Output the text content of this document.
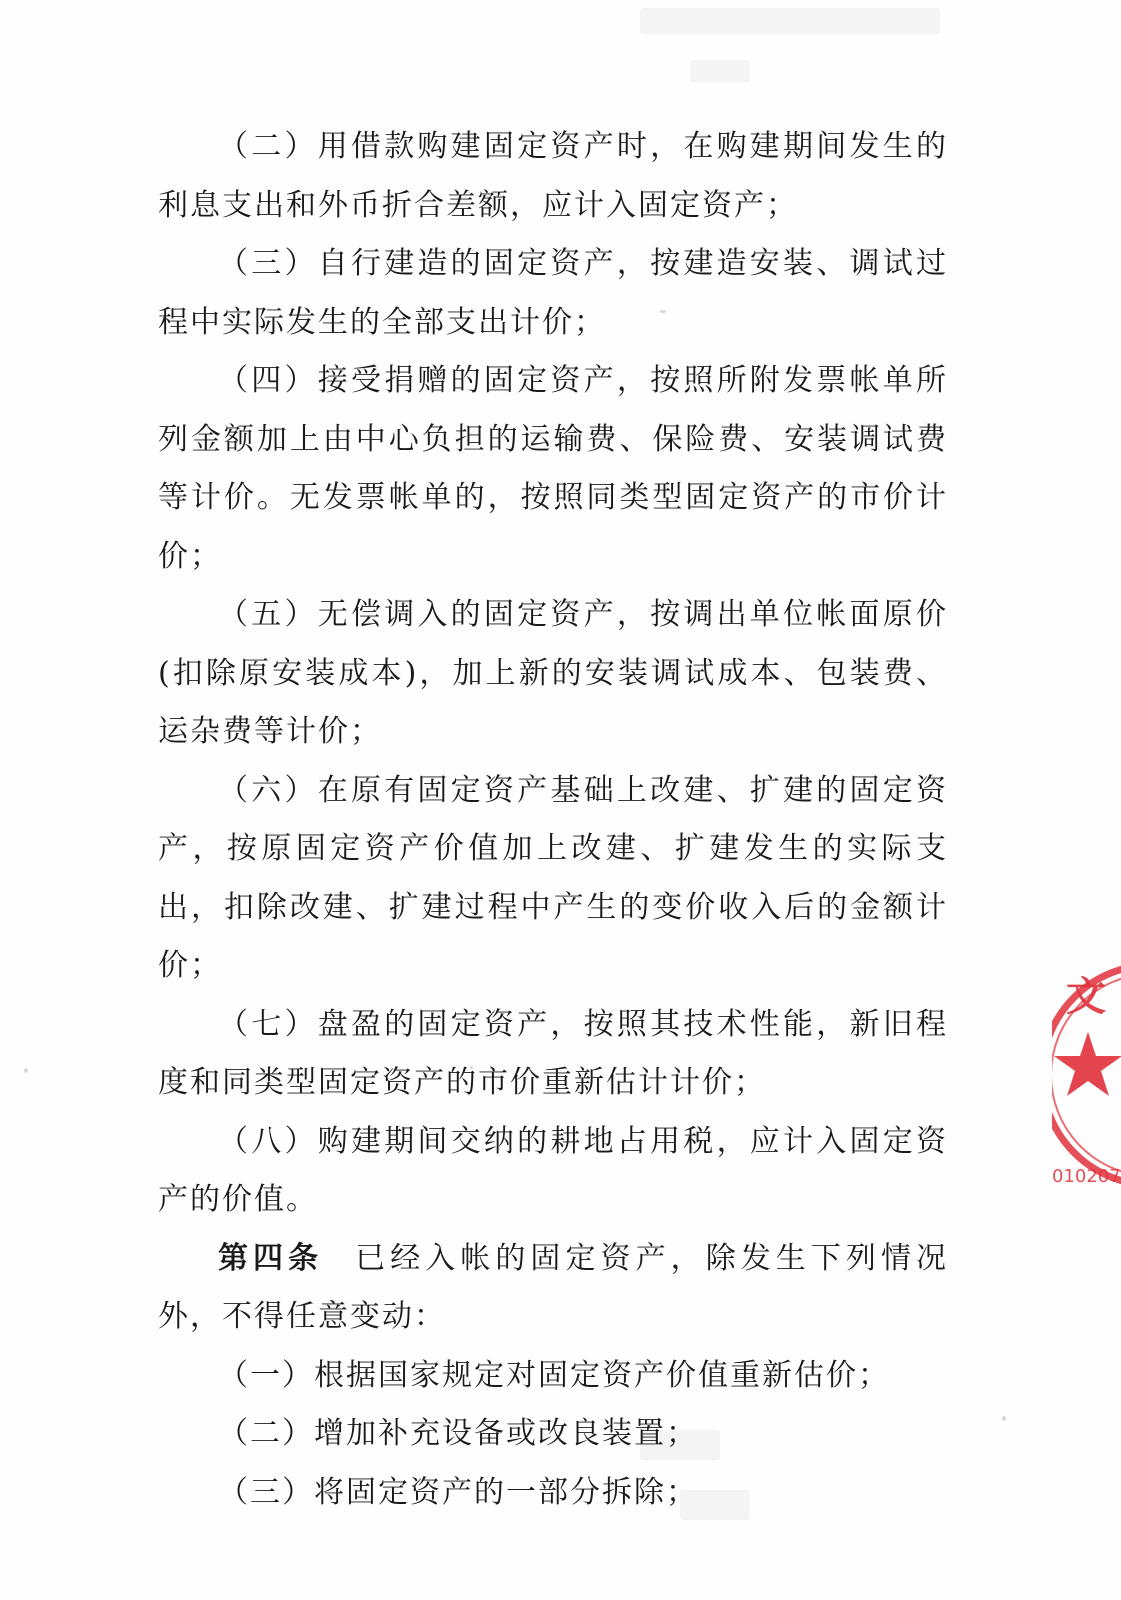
（二）用借款购建固定资产时，在购建期间发生的利息支出和外币折合差额，应计入固定资产；

（三）自行建造的固定资产，按建造安装、调试过程中实际发生的全部支出计价；

（四）接受捐赠的固定资产，按照所附发票帐单所列金额加上由中心负担的运输费、保险费、安装调试费等计价。无发票帐单的，按照同类型固定资产的市价计价；

（五）无偿调入的固定资产，按调出单位帐面原价(扣除原安装成本)，加上新的安装调试成本、包装费、运杂费等计价；

（六）在原有固定资产基础上改建、扩建的固定资产，按原固定资产价值加上改建、扩建发生的实际支出，扣除改建、扩建过程中产生的变价收入后的金额计价；

（七）盘盈的固定资产，按照其技术性能，新旧程度和同类型固定资产的市价重新估计计价；

（八）购建期间交纳的耕地占用税，应计入固定资产的价值。

第四条 已经入帐的固定资产，除发生下列情况外，不得任意变动：

（一）根据国家规定对固定资产价值重新估价；

（二）增加补充设备或改良装置；

（三）将固定资产的一部分拆除；

文
010207
